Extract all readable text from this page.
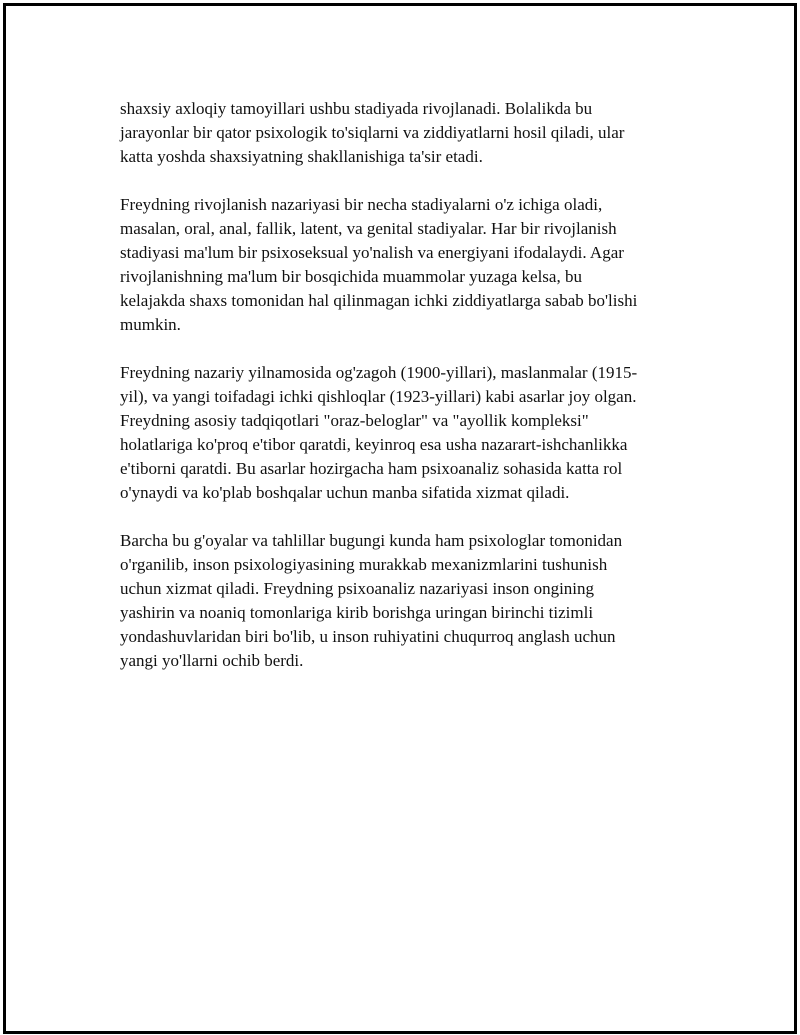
shaxsiy axloqiy tamoyillari ushbu stadiyada rivojlanadi. Bolalikda bu
jarayonlar bir qator psixologik to'siqlarni va ziddiyatlarni hosil qiladi, ular
katta yoshda shaxsiyatning shakllanishiga ta'sir etadi.

Freydning rivojlanish nazariyasi bir necha stadiyalarni o'z ichiga oladi,
masalan, oral, anal, fallik, latent, va genital stadiyalar. Har bir rivojlanish
stadiyasi ma'lum bir psixoseksual yo'nalish va energiyani ifodalaydi. Agar
rivojlanishning ma'lum bir bosqichida muammolar yuzaga kelsa, bu
kelajakda shaxs tomonidan hal qilinmagan ichki ziddiyatlarga sabab bo'lishi
mumkin.

Freydning nazariy yilnamosida og'zagoh (1900-yillari), maslanmalar (1915-
yil), va yangi toifadagi ichki qishloqlar (1923-yillari) kabi asarlar joy olgan.
Freydning asosiy tadqiqotlari "oraz-beloglar" va "ayollik kompleksi"
holatlariga ko'proq e'tibor qaratdi, keyinroq esa usha nazarart-ishchanlikka
e'tiborni qaratdi. Bu asarlar hozirgacha ham psixoanaliz sohasida katta rol
o'ynaydi va ko'plab boshqalar uchun manba sifatida xizmat qiladi.

Barcha bu g'oyalar va tahlillar bugungi kunda ham psixologlar tomonidan
o'rganilib, inson psixologiyasining murakkab mexanizmlarini tushunish
uchun xizmat qiladi. Freydning psixoanaliz nazariyasi inson ongining
yashirin va noaniq tomonlariga kirib borishga uringan birinchi tizimli
yondashuvlaridan biri bo'lib, u inson ruhiyatini chuqurroq anglash uchun
yangi yo'llarni ochib berdi.
